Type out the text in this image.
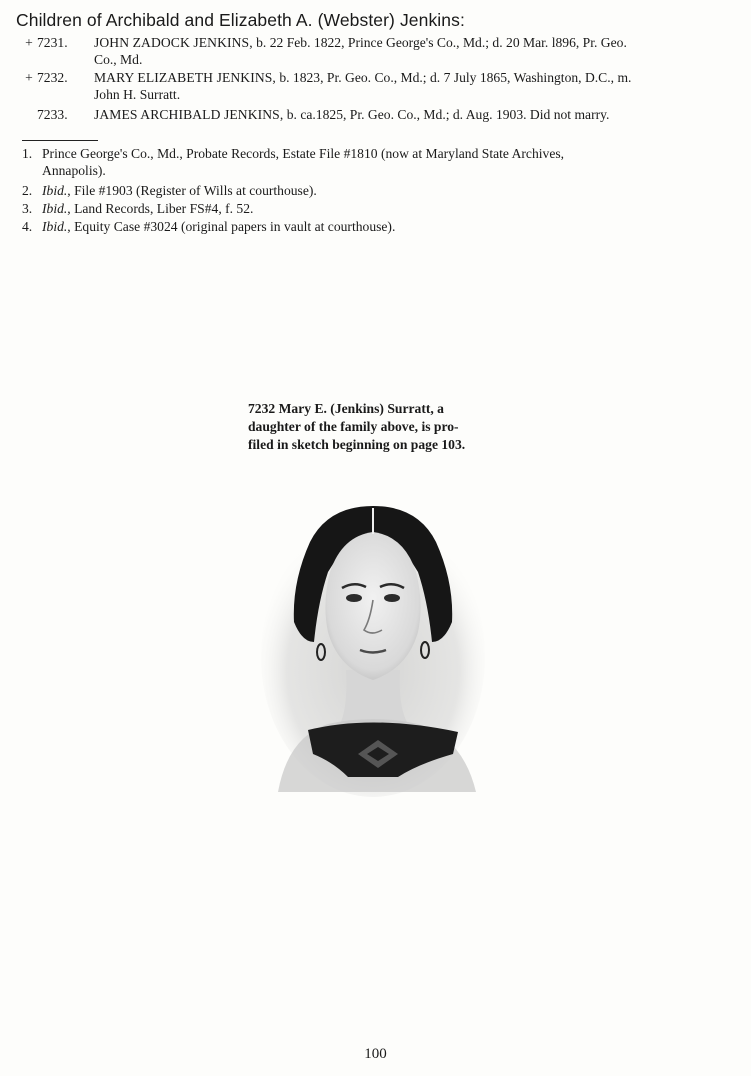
Children of Archibald and Elizabeth A. (Webster) Jenkins:
+ 7231. JOHN ZADOCK JENKINS, b. 22 Feb. 1822, Prince George's Co., Md.; d. 20 Mar. l896, Pr. Geo.
Co., Md.
+ 7232. MARY ELIZABETH JENKINS, b. 1823, Pr. Geo. Co., Md.; d. 7 July 1865, Washington, D.C., m.
John H. Surratt.
7233. JAMES ARCHIBALD JENKINS, b. ca.1825, Pr. Geo. Co., Md.; d. Aug. 1903. Did not marry.
1. Prince George's Co., Md., Probate Records, Estate File #1810 (now at Maryland State Archives,
Annapolis).
2. Ibid., File #1903 (Register of Wills at courthouse).
3. Ibid., Land Records, Liber FS#4, f. 52.
4. Ibid., Equity Case #3024 (original papers in vault at courthouse).
7232 Mary E. (Jenkins) Surratt, a
daughter of the family above, is pro-
filed in sketch beginning on page 103.
100
